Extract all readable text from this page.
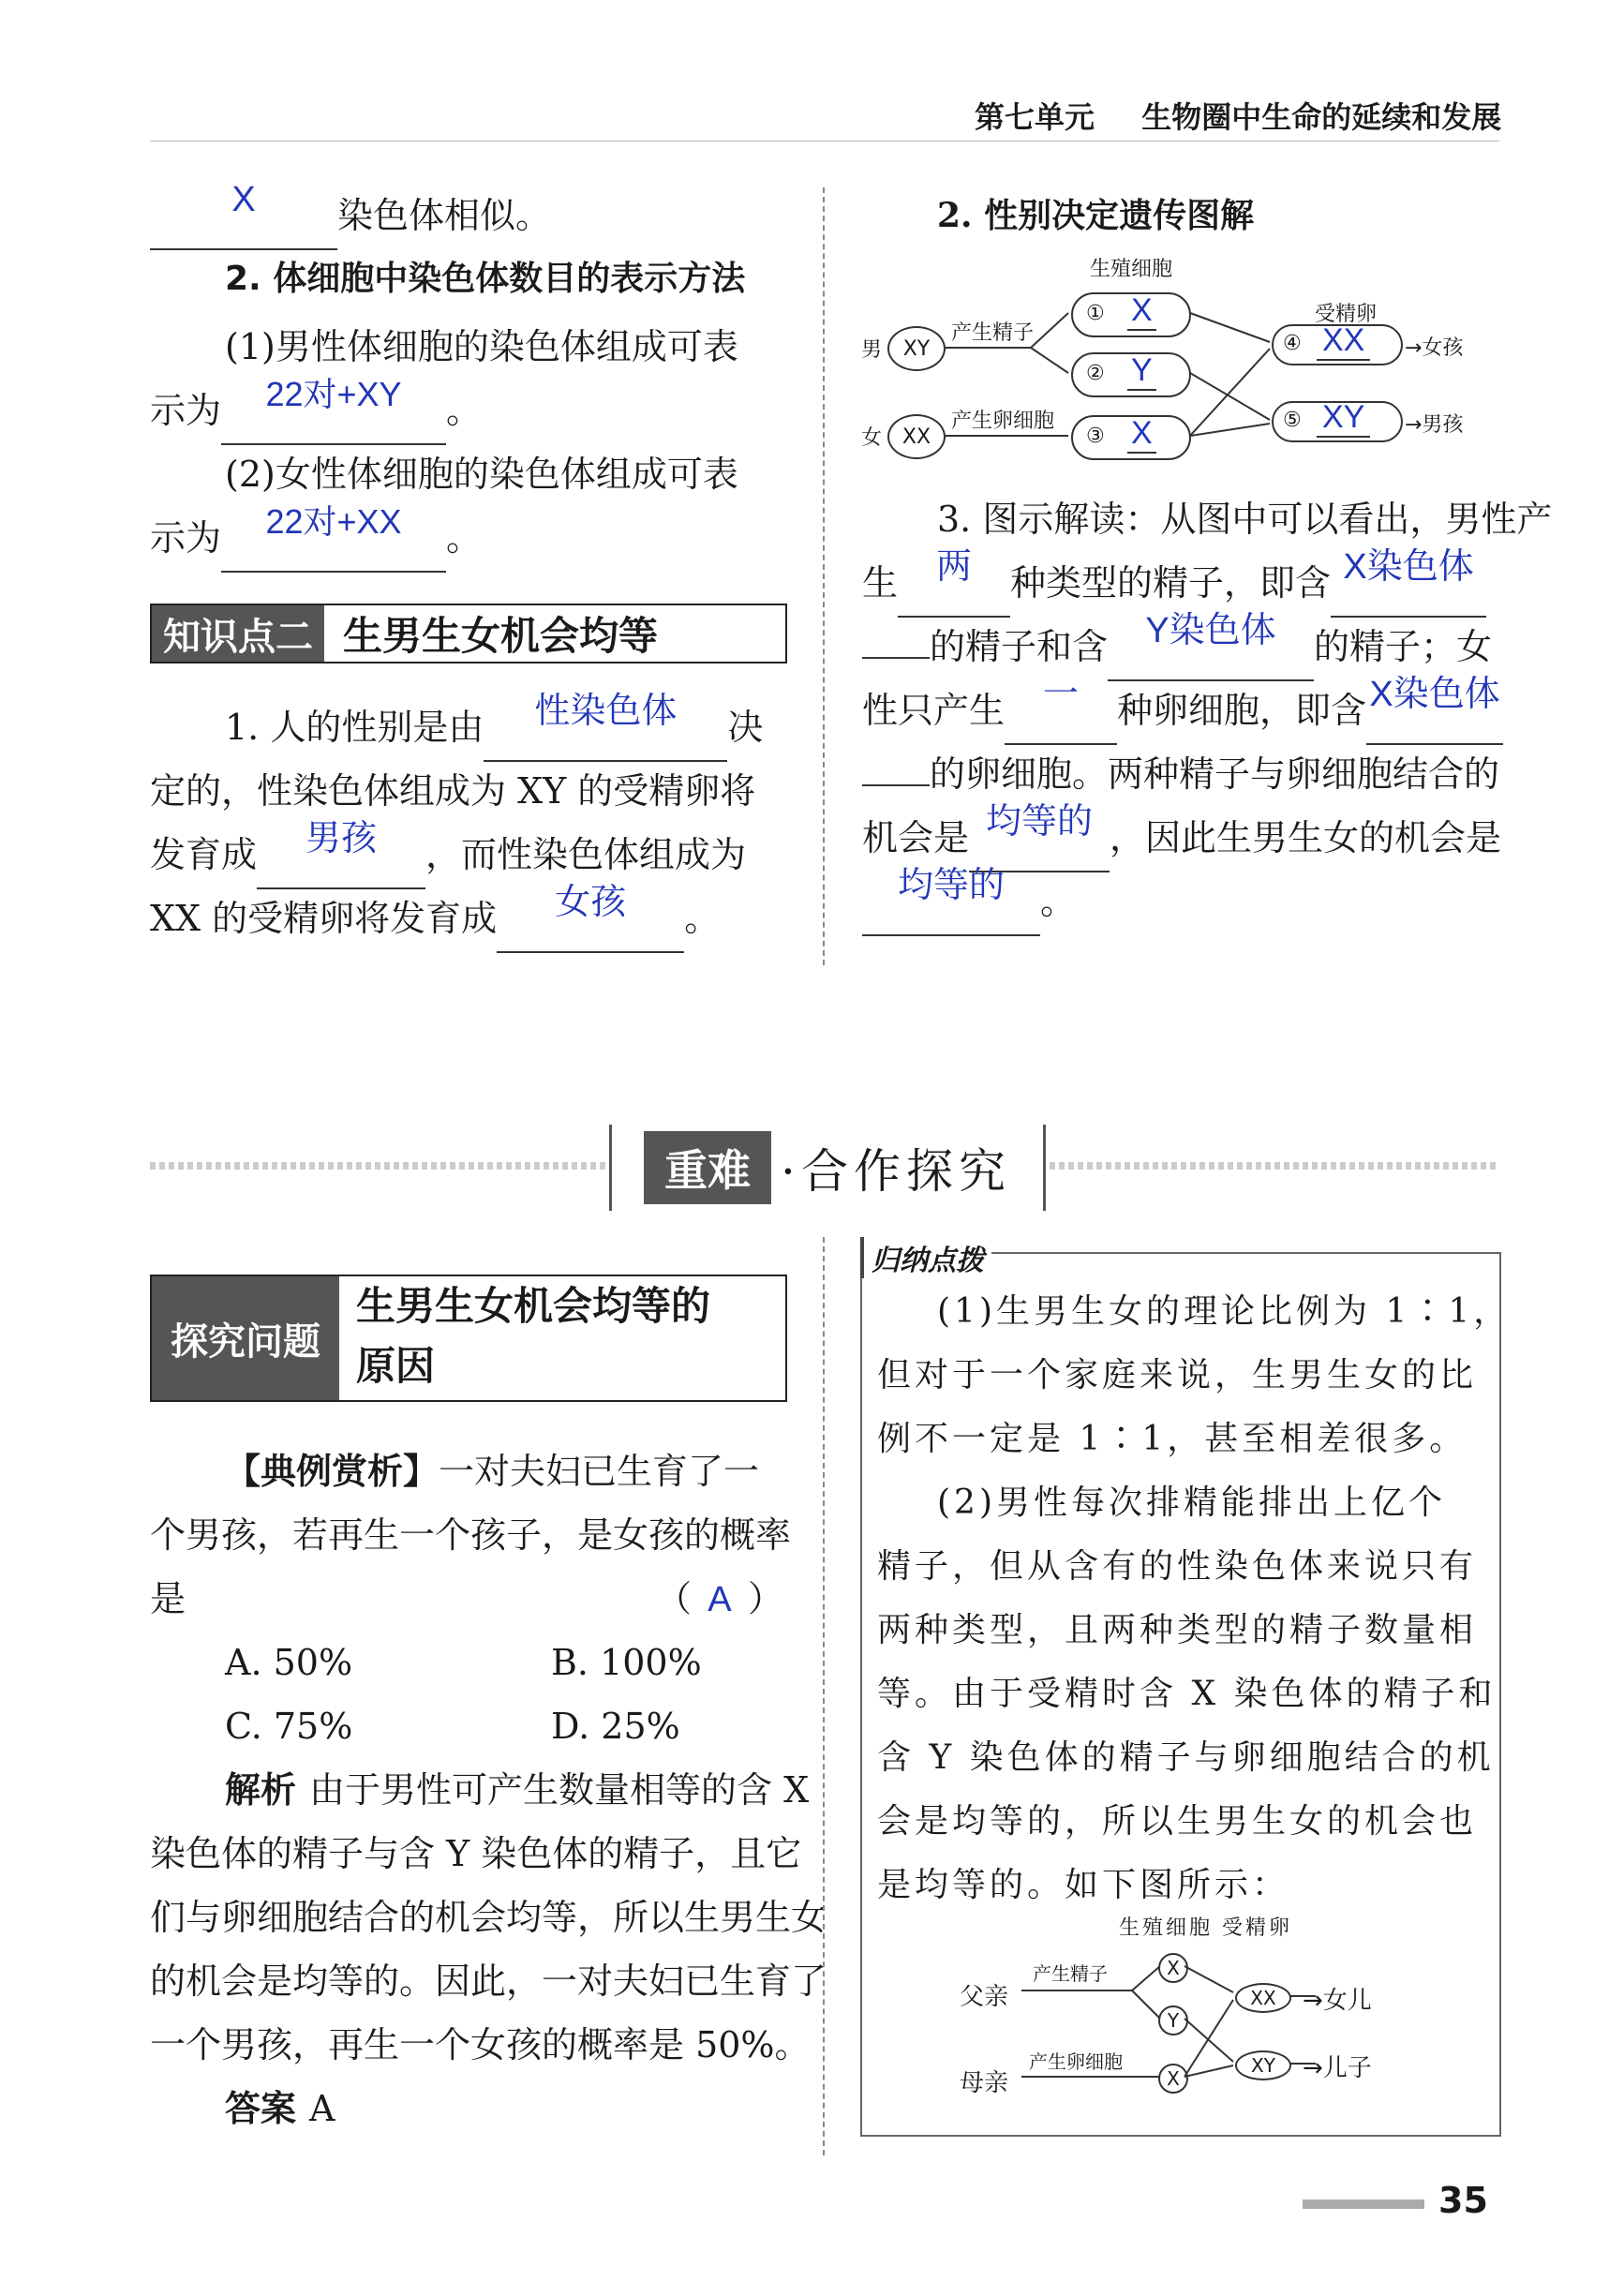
第七单元 生物圈中生命的延续和发展
X 染色体相似。
2. 体细胞中染色体数目的表示方法
(1)男性体细胞的染色体组成可表
示为 22对+XY 。
(2)女性体细胞的染色体组成可表
示为 22对+XX 。
知识点二 生男生女机会均等
1. 人的性别是由 性染色体 决
定的，性染色体组成为 XY 的受精卵将
发育成 男孩 ，而性染色体组成为
XX 的受精卵将发育成 女孩 。
2. 性别决定遗传图解
生殖细胞
受精卵
男	XY
产生精子
女 XX
产生卵细胞
① X
② Y
③ X
④ XX →女孩
⑤ XY →男孩
3. 图示解读：从图中可以看出，男性产
生 两 种类型的精子，即含 X染色体
的精子和含 Y染色体 的精子；女
性只产生 一 种卵细胞，即含X染色体
的卵细胞。两种精子与卵细胞结合的
机会是 均等的 ，因此生男生女的机会是
均等的 。
重难 ·合作探究
探究问题
生男生女机会均等的
原因
【典例赏析】一对夫妇已生育了一
个男孩，若再生一个孩子，是女孩的概率
是	（ A ）
A. 50%	B. 100%
C. 75%	D. 25%
解析 由于男性可产生数量相等的含 X
染色体的精子与含 Y 染色体的精子，且它
们与卵细胞结合的机会均等，所以生男生女
的机会是均等的。因此，一对夫妇已生育了
一个男孩，再生一个女孩的概率是 50%。
答案 A
归纳点拨
(1)生男生女的理论比例为 1∶1，
但对于一个家庭来说，生男生女的比
例不一定是 1∶1，甚至相差很多。
(2)男性每次排精能排出上亿个
精子，但从含有的性染色体来说只有
两种类型，且两种类型的精子数量相
等。由于受精时含 X 染色体的精子和
含 Y 染色体的精子与卵细胞结合的机
会是均等的，所以生男生女的机会也
是均等的。如下图所示：
生殖细胞 受精卵
父亲
产生精子
母亲
产生卵细胞
X
Y
X
XX
XY
→女儿
→儿子
35
